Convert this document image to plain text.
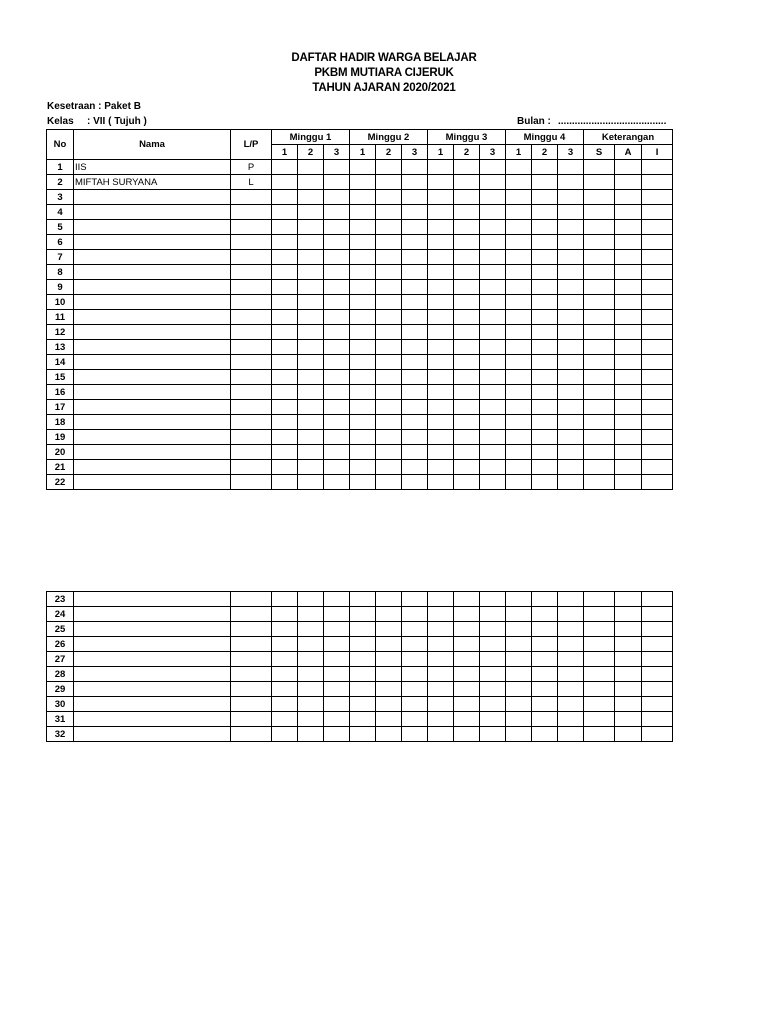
DAFTAR HADIR WARGA BELAJAR
PKBM MUTIARA CIJERUK
TAHUN AJARAN 2020/2021
Kesetraan : Paket B
Kelas : VII ( Tujuh )	Bulan : .......................................
No	Nama	L/P	Minggu 1			Minggu 2			Minggu 3			Minggu 4			Keterangan		
			1	2	3	1	2	3	1	2	3	1	2	3	S	A	I
1	IIS	P															
2	MIFTAH SURYANA	L															
3																	
4																	
5																	
6																	
7																	
8																	
9																	
10																	
11																	
12																	
13																	
14																	
15																	
16																	
17																	
18																	
19																	
20																	
21																	
22																	
23																	
24																	
25																	
26																	
27																	
28																	
29																	
30																	
31																	
32																	
